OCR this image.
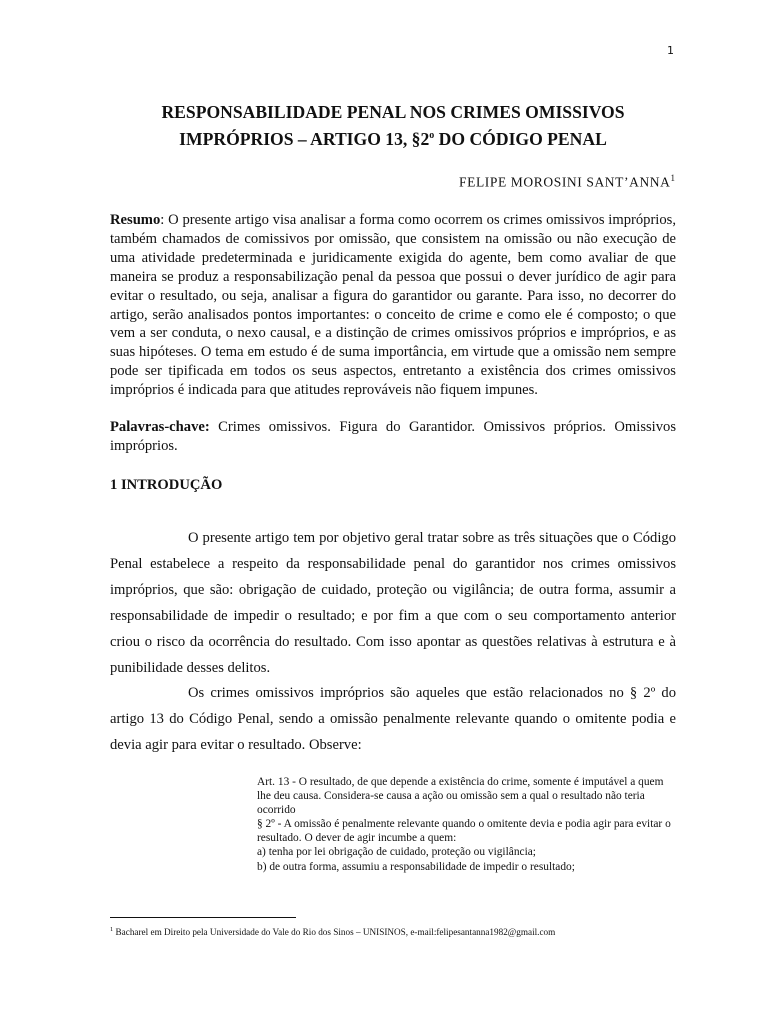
1
RESPONSABILIDADE PENAL NOS CRIMES OMISSIVOS
IMPRÓPRIOS – ARTIGO 13, §2$^o$ DO CÓDIGO PENAL
FELIPE MOROSINI SANT’ANNA$^1$
Resumo: O presente artigo visa analisar a forma como ocorrem os crimes omissivos impróprios, também chamados de comissivos por omissão, que consistem na omissão ou não execução de uma atividade predeterminada e juridicamente exigida do agente, bem como avaliar de que maneira se produz a responsabilização penal da pessoa que possui o dever jurídico de agir para evitar o resultado, ou seja, analisar a figura do garantidor ou garante. Para isso, no decorrer do artigo, serão analisados pontos importantes: o conceito de crime e como ele é composto; o que vem a ser conduta, o nexo causal, e a distinção de crimes omissivos próprios e impróprios, e as suas hipóteses. O tema em estudo é de suma importância, em virtude que a omissão nem sempre pode ser tipificada em todos os seus aspectos, entretanto a existência dos crimes omissivos impróprios é indicada para que atitudes reprováveis não fiquem impunes.
Palavras-chave: Crimes omissivos. Figura do Garantidor. Omissivos próprios. Omissivos impróprios.
1 INTRODUÇÃO

O presente artigo tem por objetivo geral tratar sobre as três situações que o Código Penal estabelece a respeito da responsabilidade penal do garantidor nos crimes omissivos impróprios, que são: obrigação de cuidado, proteção ou vigilância; de outra forma, assumir a responsabilidade de impedir o resultado; e por fim a que com o seu comportamento anterior criou o risco da ocorrência do resultado. Com isso apontar as questões relativas à estrutura e à punibilidade desses delitos.

Os crimes omissivos impróprios são aqueles que estão relacionados no § 2º do artigo 13 do Código Penal, sendo a omissão penalmente relevante quando o omitente podia e devia agir para evitar o resultado. Observe:

Art. 13 - O resultado, de que depende a existência do crime, somente é imputável a quem lhe deu causa. Considera-se causa a ação ou omissão sem a qual o resultado não teria ocorrido
§ 2º - A omissão é penalmente relevante quando o omitente devia e podia agir para evitar o resultado. O dever de agir incumbe a quem:
a) tenha por lei obrigação de cuidado, proteção ou vigilância;
b) de outra forma, assumiu a responsabilidade de impedir o resultado;
$^1$ Bacharel em Direito pela Universidade do Vale do Rio dos Sinos – UNISINOS, e-mail:felipesantanna1982@gmail.com
